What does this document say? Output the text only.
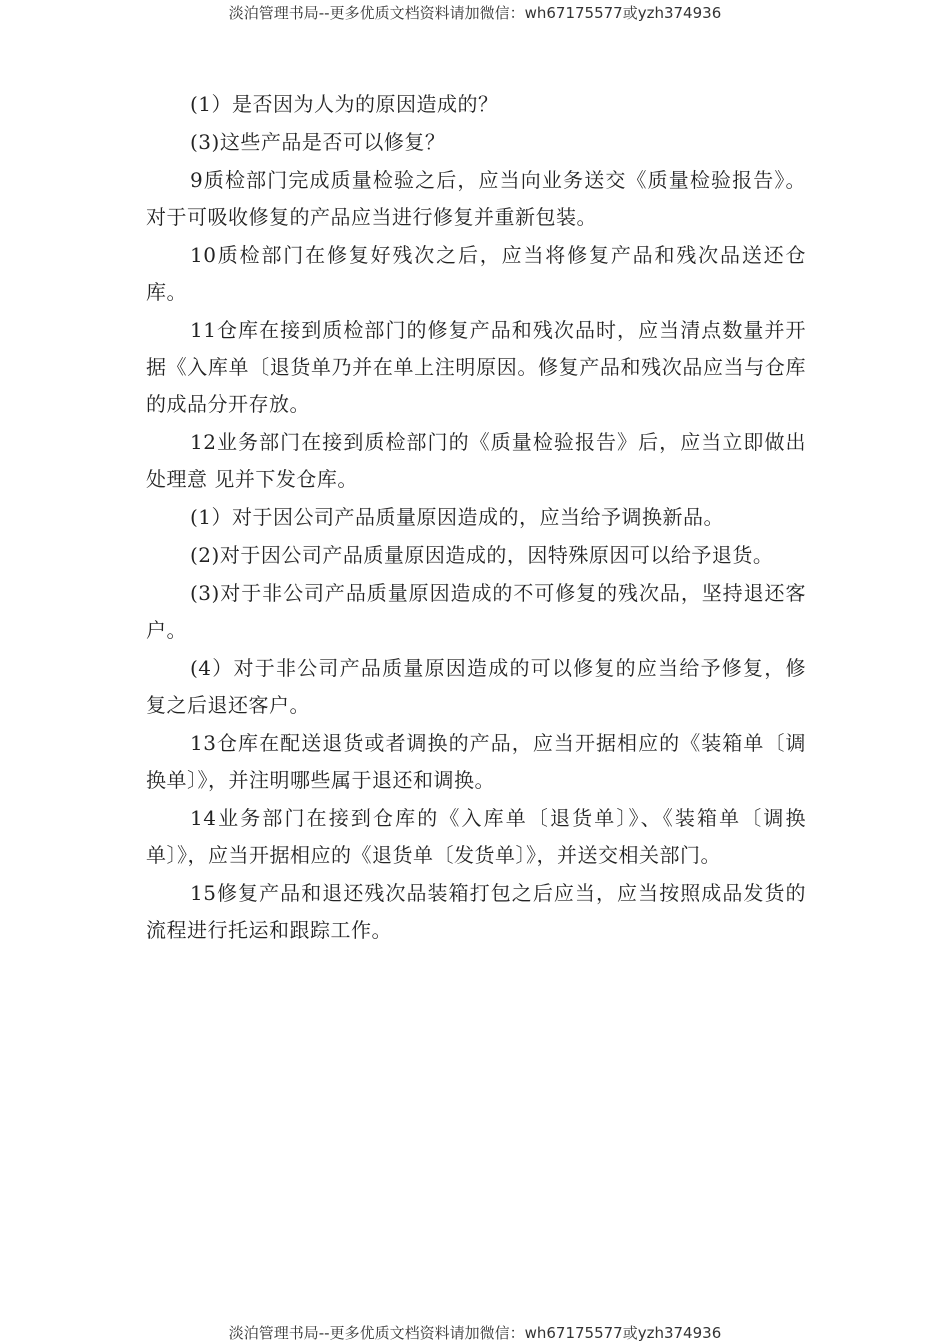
淡泊管理书局--更多优质文档资料请加微信：wh67175577或yzh374936

(1）是否因为人为的原因造成的？

(3)这些产品是否可以修复？

9质检部门完成质量检验之后，应当向业务送交《质量检验报告》。对于可吸收修复的产品应当进行修复并重新包装。

10质检部门在修复好残次之后，应当将修复产品和残次品送还仓库。

11仓库在接到质检部门的修复产品和残次品时，应当清点数量并开据《入库单〔退货单乃并在单上注明原因。修复产品和残次品应当与仓库的成品分开存放。

12业务部门在接到质检部门的《质量检验报告》后，应当立即做出处理意 见并下发仓库。

(1）对于因公司产品质量原因造成的，应当给予调换新品。

(2)对于因公司产品质量原因造成的，因特殊原因可以给予退货。

(3)对于非公司产品质量原因造成的不可修复的残次品，坚持退还客户。

(4）对于非公司产品质量原因造成的可以修复的应当给予修复，修复之后退还客户。

13仓库在配送退货或者调换的产品，应当开据相应的《装箱单〔调换单〕》，并注明哪些属于退还和调换。

14业务部门在接到仓库的《入库单〔退货单〕》、《装箱单〔调换单〕》，应当开据相应的《退货单〔发货单〕》，并送交相关部门。

15修复产品和退还残次品装箱打包之后应当，应当按照成品发货的流程进行托运和跟踪工作。

淡泊管理书局--更多优质文档资料请加微信：wh67175577或yzh374936
